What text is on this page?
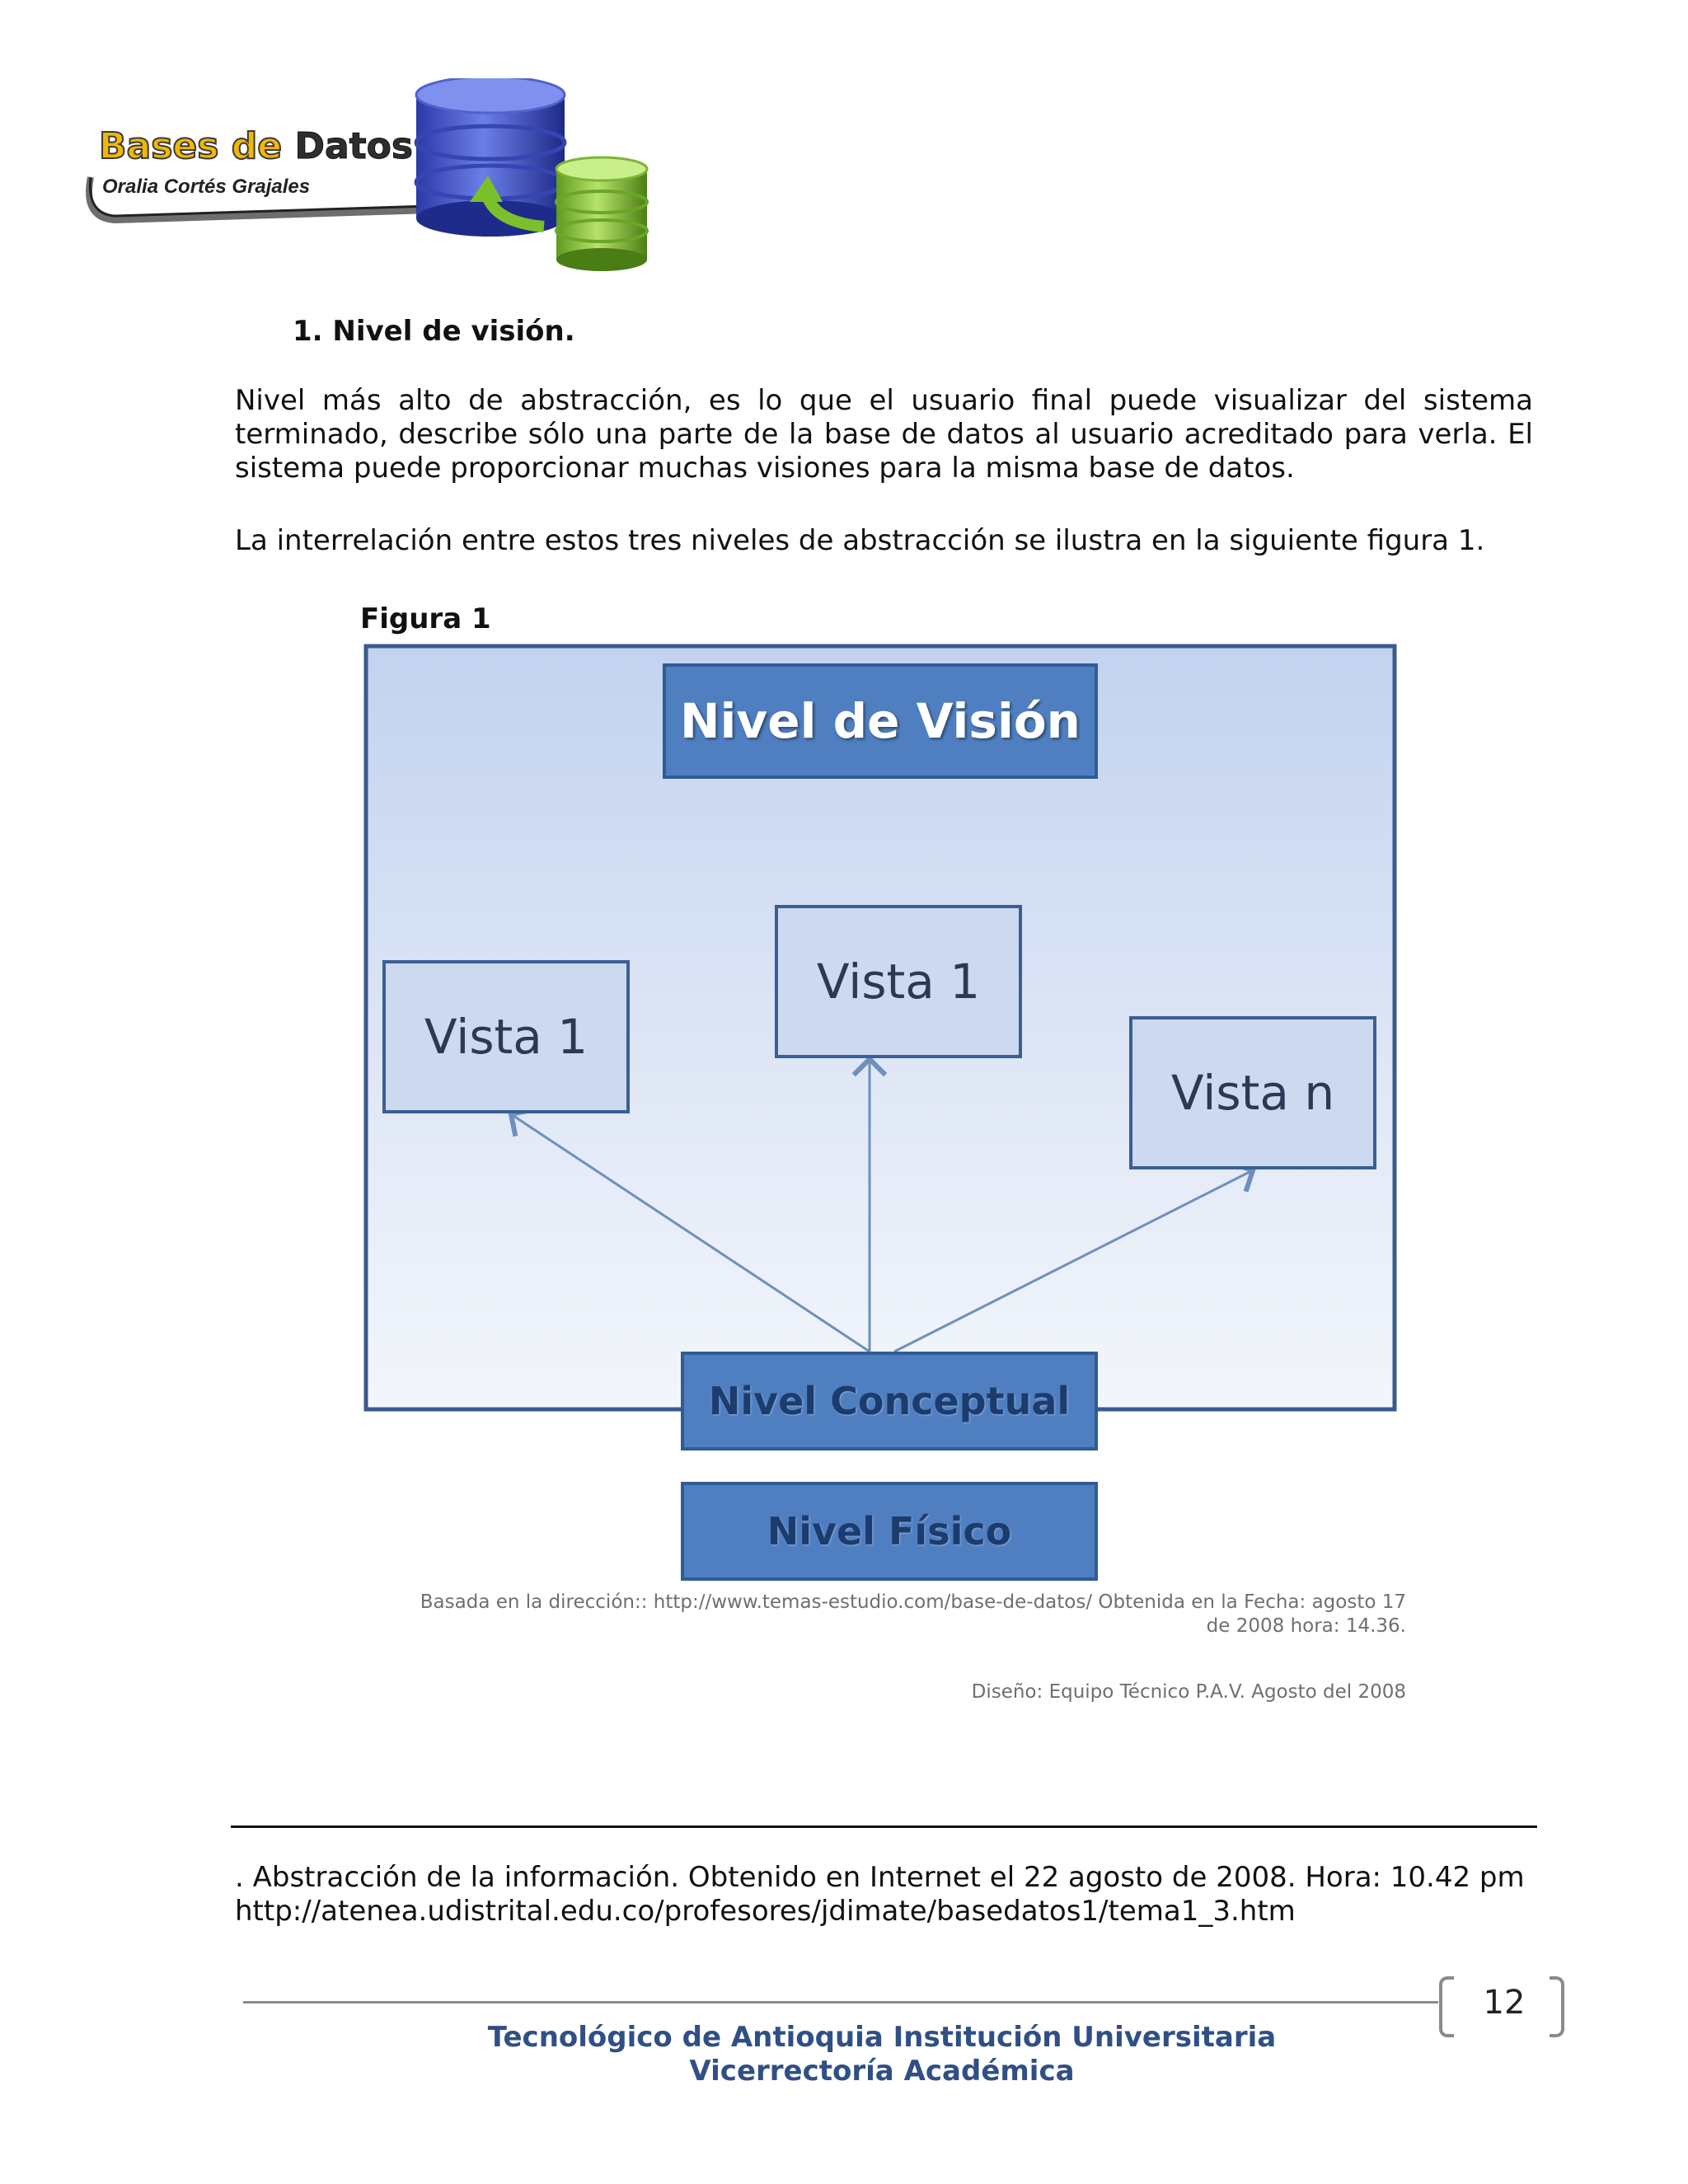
Bases de Datos
Oralia Cortés Grajales
1. Nivel de visión.
Nivel más alto de abstracción, es lo que el usuario final puede visualizar del sistema terminado, describe sólo una parte de la base de datos al usuario acreditado para verla. El sistema puede proporcionar muchas visiones para la misma base de datos.
La interrelación entre estos tres niveles de abstracción se ilustra en la siguiente figura 1.
Figura 1
Nivel de Visión
Vista 1
Vista 1
Vista n
Nivel Conceptual
Nivel Físico
Basada en la dirección:: http://www.temas-estudio.com/base-de-datos/ Obtenida en la Fecha: agosto 17
de 2008 hora: 14.36.
Diseño: Equipo Técnico P.A.V. Agosto del 2008
. Abstracción de la información. Obtenido en Internet el 22 agosto de 2008. Hora: 10.42 pm
http://atenea.udistrital.edu.co/profesores/jdimate/basedatos1/tema1_3.htm
12
Tecnológico de Antioquia Institución Universitaria
Vicerrectoría Académica
